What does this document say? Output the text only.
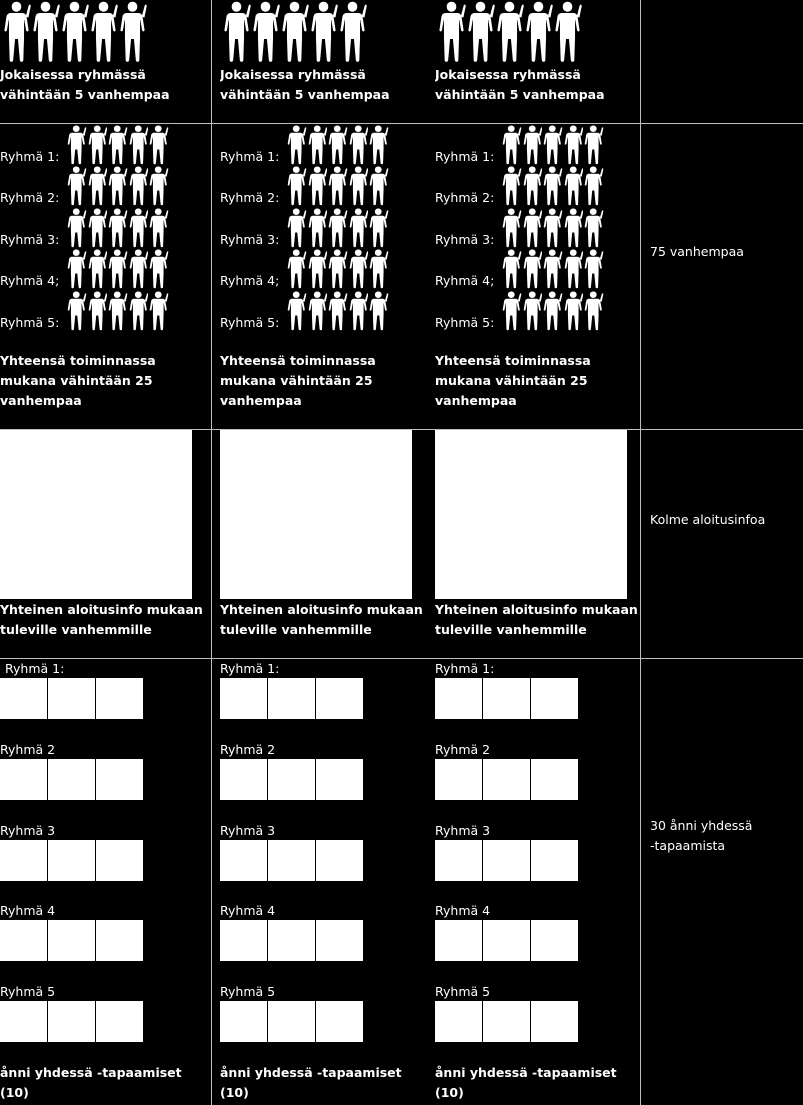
75 vanhempaa
Kolme aloitusinfoa
30 ånni yhdessä
-tapaamista
Jokaisessa ryhmässä
vähintään 5 vanhempaa
Ryhmä 1:
Ryhmä 2:
Ryhmä 3:
Ryhmä 4;
Ryhmä 5:
Yhteensä toiminnassa
mukana vähintään 25
vanhempaa
Yhteinen aloitusinfo mukaan
tuleville vanhemmille
Ryhmä 1:
Ryhmä 2
Ryhmä 3
Ryhmä 4
Ryhmä 5
ånni yhdessä -tapaamiset (10)
Jokaisessa ryhmässä
vähintään 5 vanhempaa
Ryhmä 1:
Ryhmä 2:
Ryhmä 3:
Ryhmä 4;
Ryhmä 5:
Yhteensä toiminnassa
mukana vähintään 25
vanhempaa
Yhteinen aloitusinfo mukaan
tuleville vanhemmille
Ryhmä 1:
Ryhmä 2
Ryhmä 3
Ryhmä 4
Ryhmä 5
ånni yhdessä -tapaamiset
(10)
Jokaisessa ryhmässä
vähintään 5 vanhempaa
Ryhmä 1:
Ryhmä 2:
Ryhmä 3:
Ryhmä 4;
Ryhmä 5:
Yhteensä toiminnassa
mukana vähintään 25
vanhempaa
Yhteinen aloitusinfo mukaan
tuleville vanhemmille
Ryhmä 1:
Ryhmä 2
Ryhmä 3
Ryhmä 4
Ryhmä 5
ånni yhdessä -tapaamiset
(10)
